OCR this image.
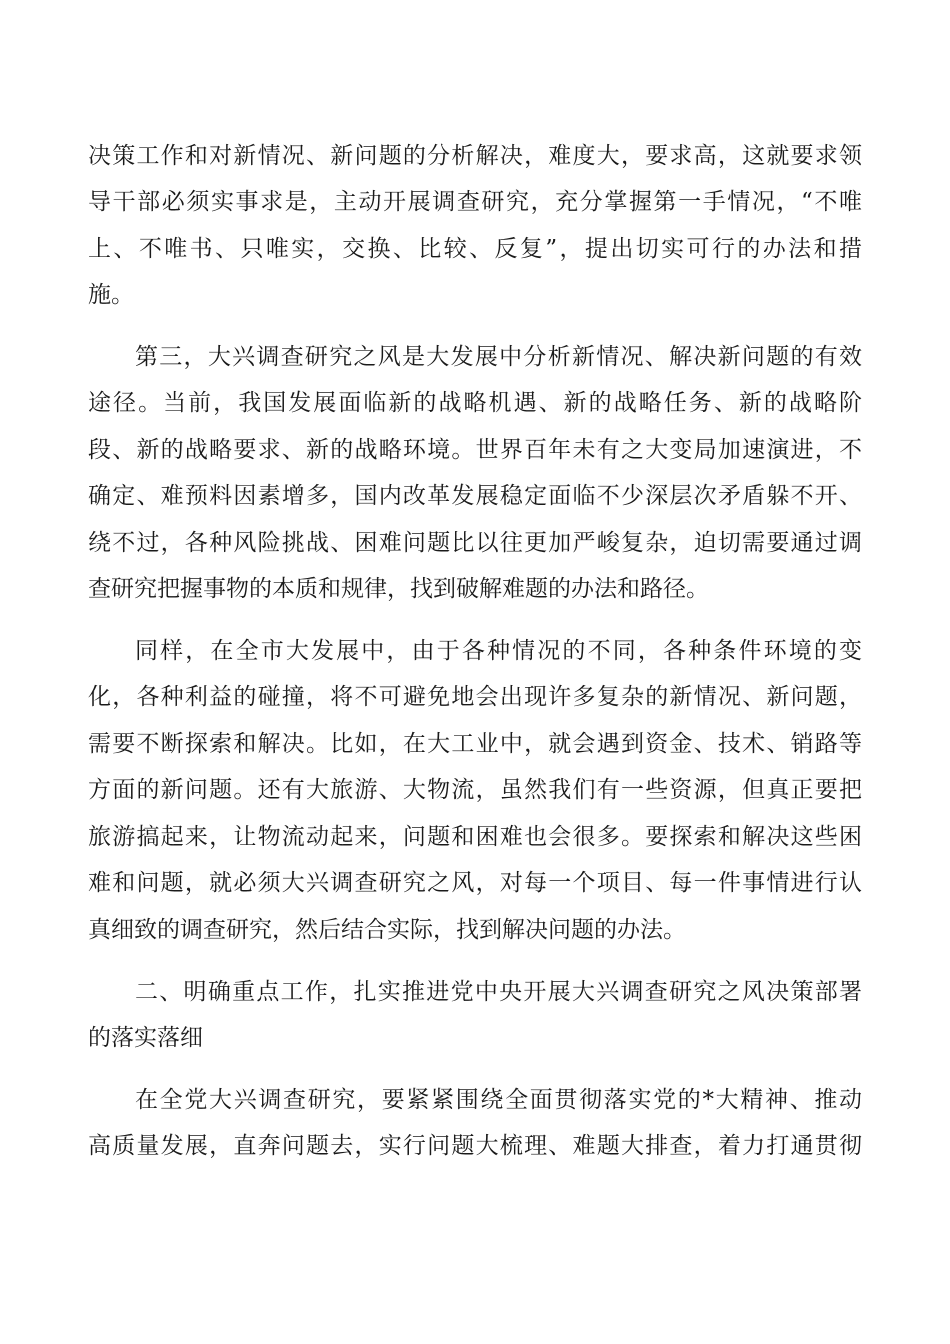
决策工作和对新情况、新问题的分析解决，难度大，要求高，这就要求领
导干部必须实事求是，主动开展调查研究，充分掌握第一手情况，“不唯
上、不唯书、只唯实，交换、比较、反复”，提出切实可行的办法和措
施。
第三，大兴调查研究之风是大发展中分析新情况、解决新问题的有效
途径。当前，我国发展面临新的战略机遇、新的战略任务、新的战略阶
段、新的战略要求、新的战略环境。世界百年未有之大变局加速演进，不
确定、难预料因素增多，国内改革发展稳定面临不少深层次矛盾躲不开、
绕不过，各种风险挑战、困难问题比以往更加严峻复杂，迫切需要通过调
查研究把握事物的本质和规律，找到破解难题的办法和路径。
同样，在全市大发展中，由于各种情况的不同，各种条件环境的变
化，各种利益的碰撞，将不可避免地会出现许多复杂的新情况、新问题，
需要不断探索和解决。比如，在大工业中，就会遇到资金、技术、销路等
方面的新问题。还有大旅游、大物流，虽然我们有一些资源，但真正要把
旅游搞起来，让物流动起来，问题和困难也会很多。要探索和解决这些困
难和问题，就必须大兴调查研究之风，对每一个项目、每一件事情进行认
真细致的调查研究，然后结合实际，找到解决问题的办法。
二、明确重点工作，扎实推进党中央开展大兴调查研究之风决策部署
的落实落细
在全党大兴调查研究，要紧紧围绕全面贯彻落实党的*大精神、推动
高质量发展，直奔问题去，实行问题大梳理、难题大排查，着力打通贯彻
